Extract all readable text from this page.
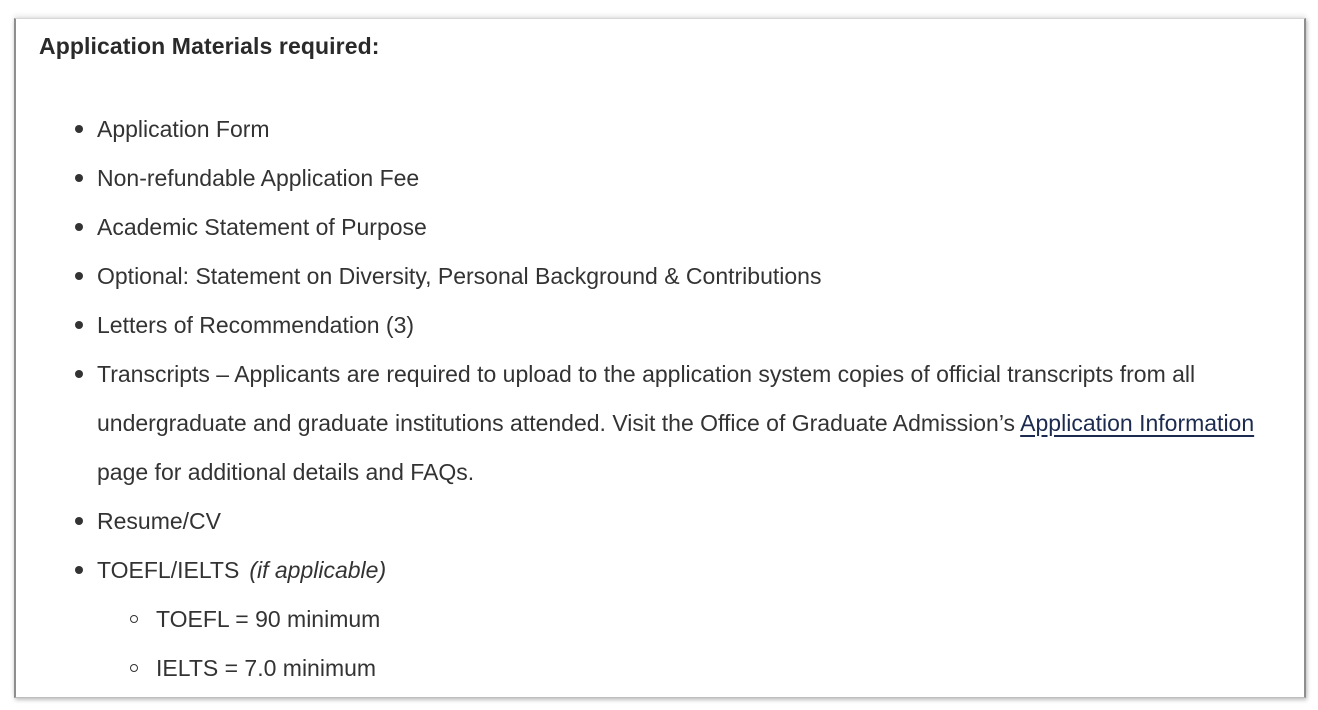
Application Materials required:
Application Form
Non-refundable Application Fee
Academic Statement of Purpose
Optional: Statement on Diversity, Personal Background & Contributions
Letters of Recommendation (3)
Transcripts – Applicants are required to upload to the application system copies of official transcripts from all undergraduate and graduate institutions attended. Visit the Office of Graduate Admission’s Application Information page for additional details and FAQs.
Resume/CV
TOEFL/IELTS (if applicable)
TOEFL = 90 minimum
IELTS = 7.0 minimum
